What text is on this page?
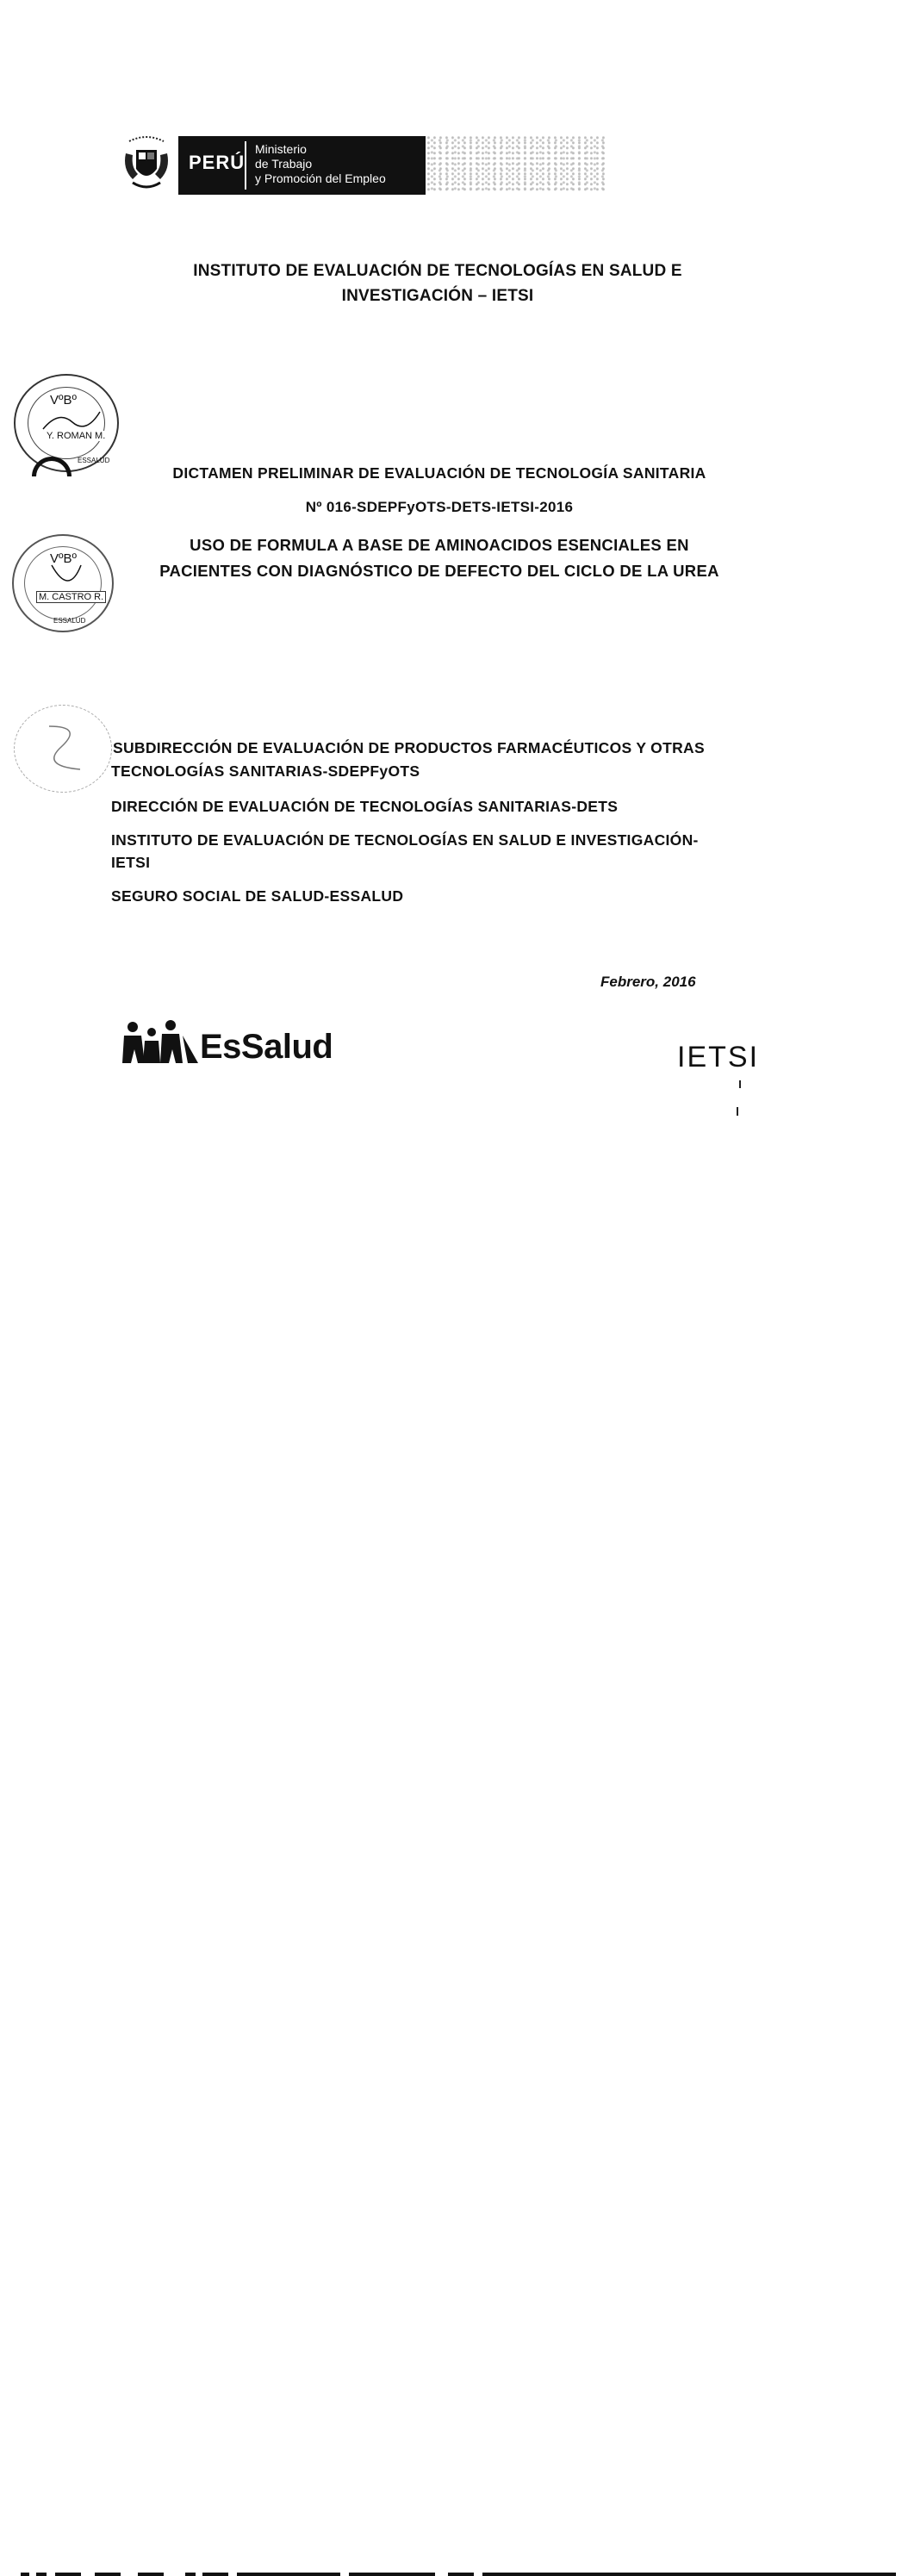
PERÚ
Ministerio
de Trabajo
y Promoción del Empleo
INSTITUTO DE EVALUACIÓN DE TECNOLOGÍAS EN SALUD E
INVESTIGACIÓN – IETSI
VºBº
Y. ROMAN M.
ESSALUD
DICTAMEN PRELIMINAR DE EVALUACIÓN DE TECNOLOGÍA SANITARIA
Nº 016-SDEPFyOTS-DETS-IETSI-2016
USO DE FORMULA A BASE DE AMINOACIDOS ESENCIALES EN
PACIENTES CON DIAGNÓSTICO DE DEFECTO DEL CICLO DE LA UREA
VºBº
M. CASTRO R.
ESSALUD
SUBDIRECCIÓN DE EVALUACIÓN DE PRODUCTOS FARMACÉUTICOS Y OTRAS
TECNOLOGÍAS SANITARIAS-SDEPFyOTS
DIRECCIÓN DE EVALUACIÓN DE TECNOLOGÍAS SANITARIAS-DETS
INSTITUTO DE EVALUACIÓN DE TECNOLOGÍAS EN SALUD E INVESTIGACIÓN-
IETSI
SEGURO SOCIAL DE SALUD-ESSALUD
Febrero, 2016
EsSalud	IETSI
